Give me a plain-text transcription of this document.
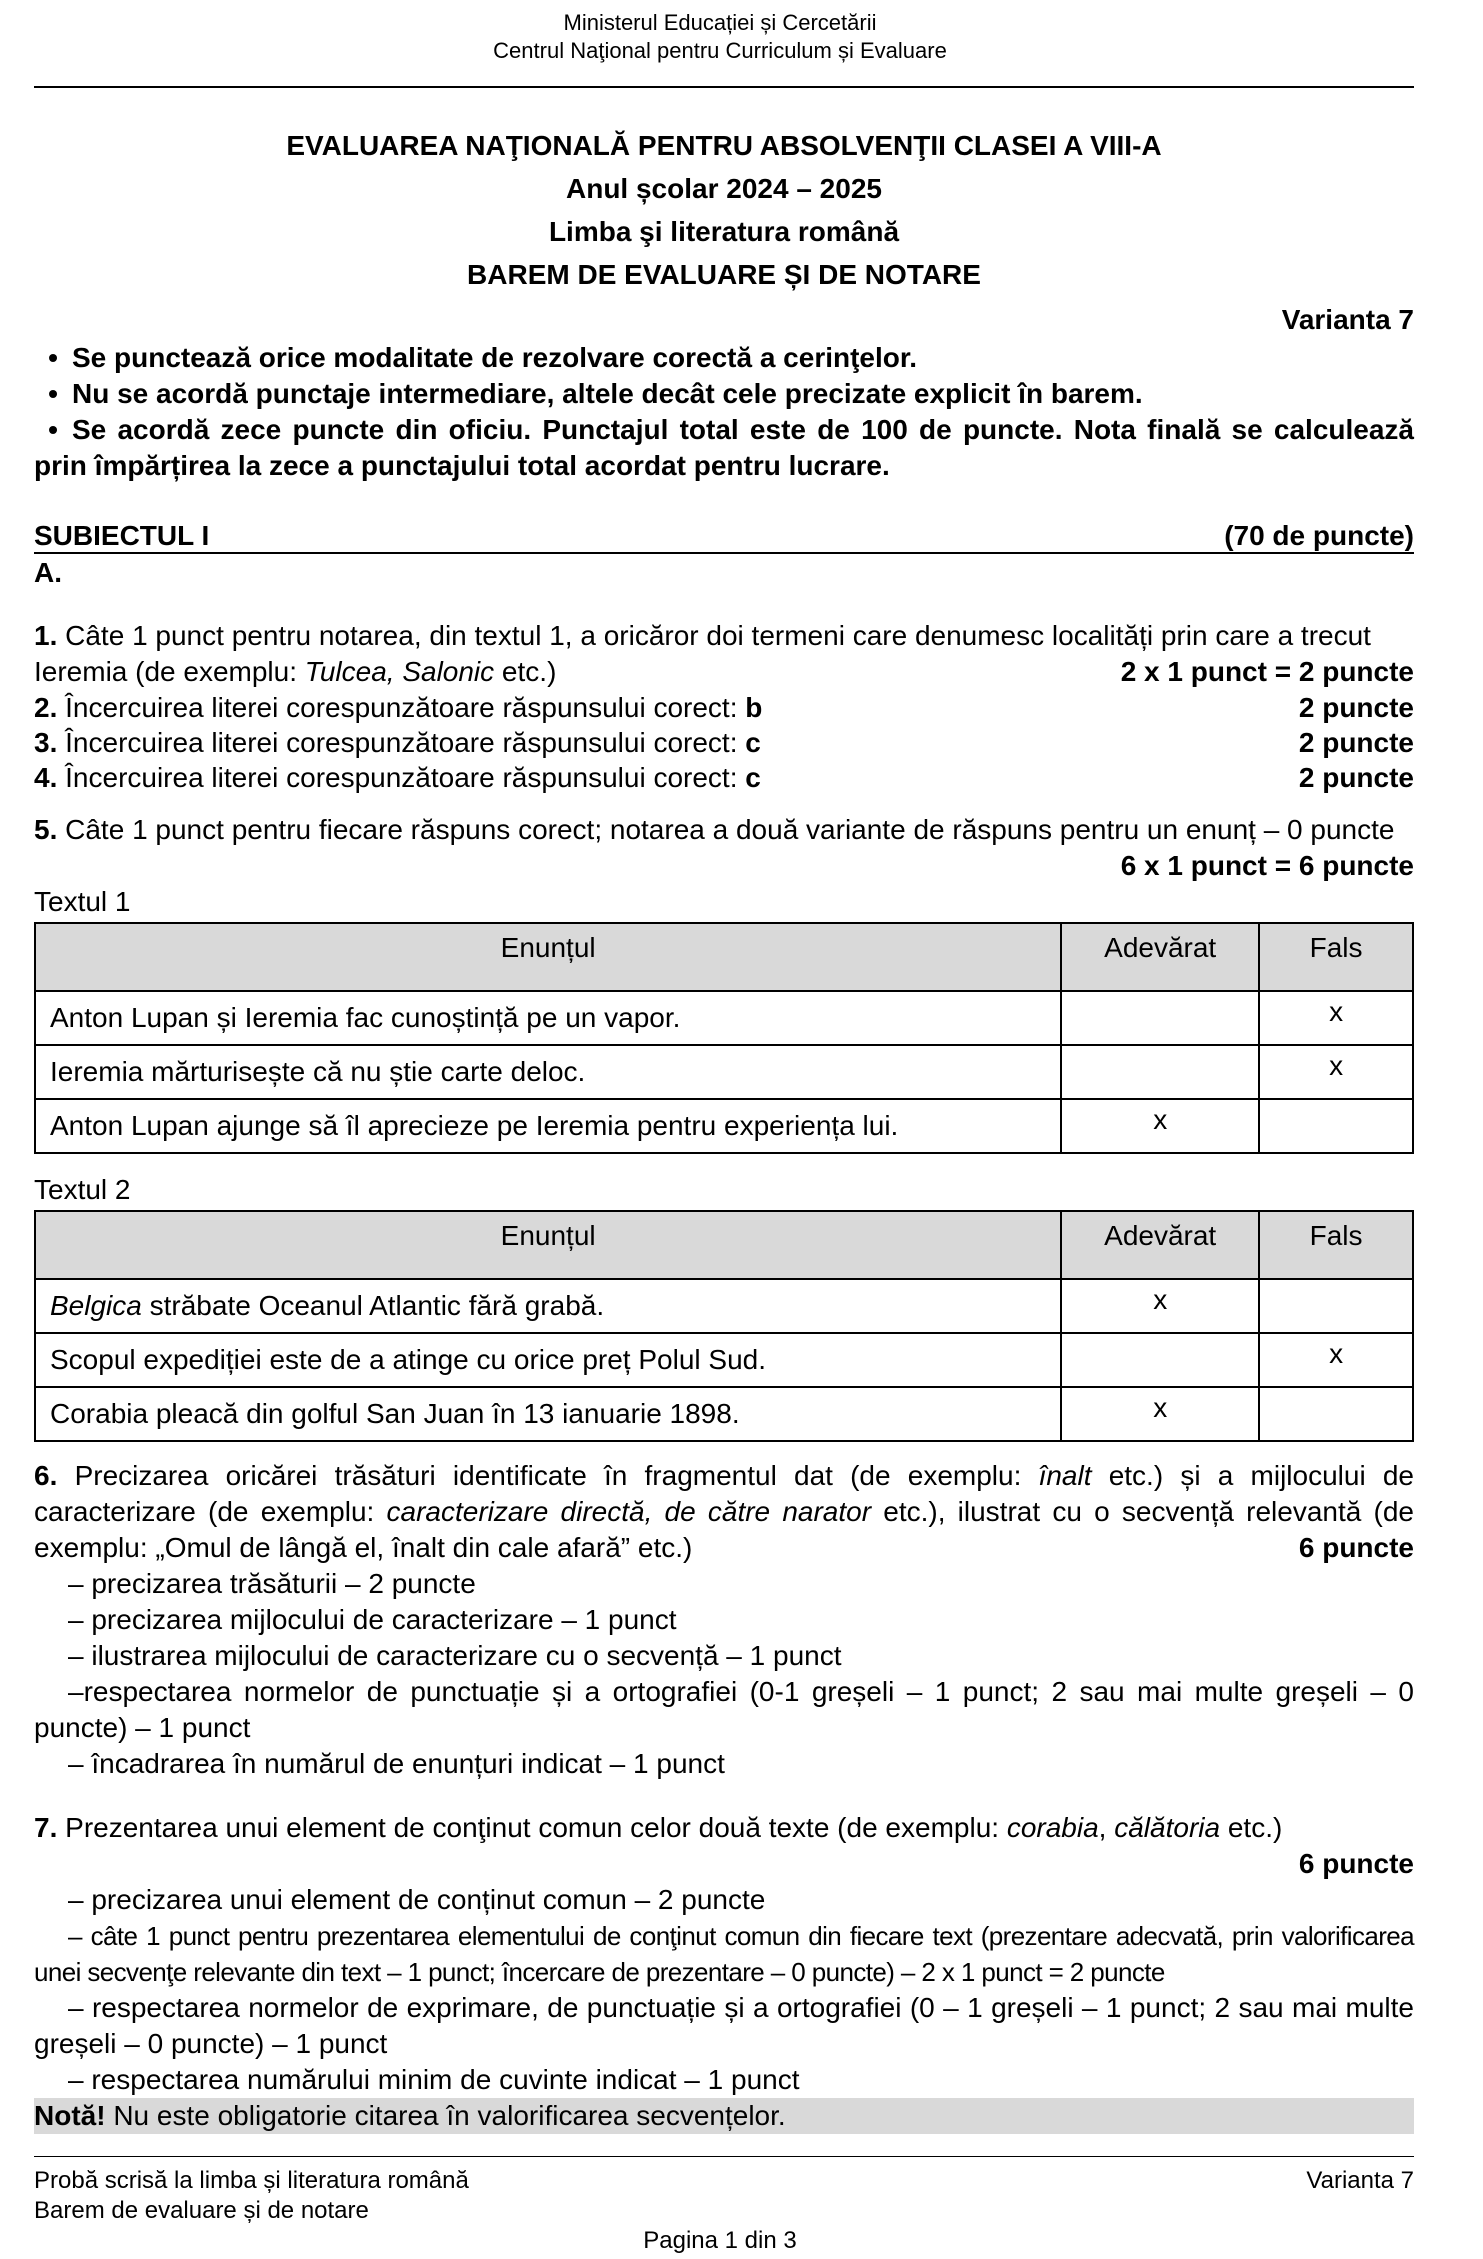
Ministerul Educației și Cercetării
Centrul Naţional pentru Curriculum și Evaluare
EVALUAREA NAŢIONALĂ PENTRU ABSOLVENŢII CLASEI A VIII-A
Anul școlar 2024 – 2025
Limba şi literatura română
BAREM DE EVALUARE ȘI DE NOTARE
Varianta 7
• Se punctează orice modalitate de rezolvare corectă a cerinţelor.
• Nu se acordă punctaje intermediare, altele decât cele precizate explicit în barem.
• Se acordă zece puncte din oficiu. Punctajul total este de 100 de puncte. Nota finală se calculează prin împărțirea la zece a punctajului total acordat pentru lucrare.
SUBIECTUL I	(70 de puncte)
A.
1. Câte 1 punct pentru notarea, din textul 1, a oricăror doi termeni care denumesc localități prin care a trecut Ieremia (de exemplu: Tulcea, Salonic etc.)	2 x 1 punct = 2 puncte
2. Încercuirea literei corespunzătoare răspunsului corect: b	2 puncte
3. Încercuirea literei corespunzătoare răspunsului corect: c	2 puncte
4. Încercuirea literei corespunzătoare răspunsului corect: c	2 puncte
5. Câte 1 punct pentru fiecare răspuns corect; notarea a două variante de răspuns pentru un enunț – 0 puncte
6 x 1 punct = 6 puncte
Textul 1
Enunțul	Adevărat	Fals
Anton Lupan și Ieremia fac cunoștință pe un vapor.		x
Ieremia mărturisește că nu știe carte deloc.		x
Anton Lupan ajunge să îl aprecieze pe Ieremia pentru experiența lui.	x	
Textul 2
Enunțul	Adevărat	Fals
Belgica străbate Oceanul Atlantic fără grabă.	x	
Scopul expediției este de a atinge cu orice preț Polul Sud.		x
Corabia pleacă din golful San Juan în 13 ianuarie 1898.	x	
6. Precizarea oricărei trăsături identificate în fragmentul dat (de exemplu: înalt etc.) și a mijlocului de caracterizare (de exemplu: caracterizare directă, de către narator etc.), ilustrat cu o secvență relevantă (de exemplu: „Omul de lângă el, înalt din cale afară” etc.)	6 puncte
– precizarea trăsăturii – 2 puncte
– precizarea mijlocului de caracterizare – 1 punct
– ilustrarea mijlocului de caracterizare cu o secvență – 1 punct
–respectarea normelor de punctuație și a ortografiei (0-1 greșeli – 1 punct; 2 sau mai multe greșeli – 0 puncte) – 1 punct
– încadrarea în numărul de enunțuri indicat – 1 punct
7. Prezentarea unui element de conţinut comun celor două texte (de exemplu: corabia, călătoria etc.)
6 puncte
– precizarea unui element de conținut comun – 2 puncte
– câte 1 punct pentru prezentarea elementului de conţinut comun din fiecare text (prezentare adecvată, prin valorificarea unei secvenţe relevante din text – 1 punct; încercare de prezentare – 0 puncte) – 2 x 1 punct = 2 puncte
– respectarea normelor de exprimare, de punctuație și a ortografiei (0 – 1 greșeli – 1 punct; 2 sau mai multe greșeli – 0 puncte) – 1 punct
– respectarea numărului minim de cuvinte indicat – 1 punct
Notă! Nu este obligatorie citarea în valorificarea secvențelor.
Probă scrisă la limba și literatura română
Barem de evaluare și de notare
Varianta 7
Pagina 1 din 3
